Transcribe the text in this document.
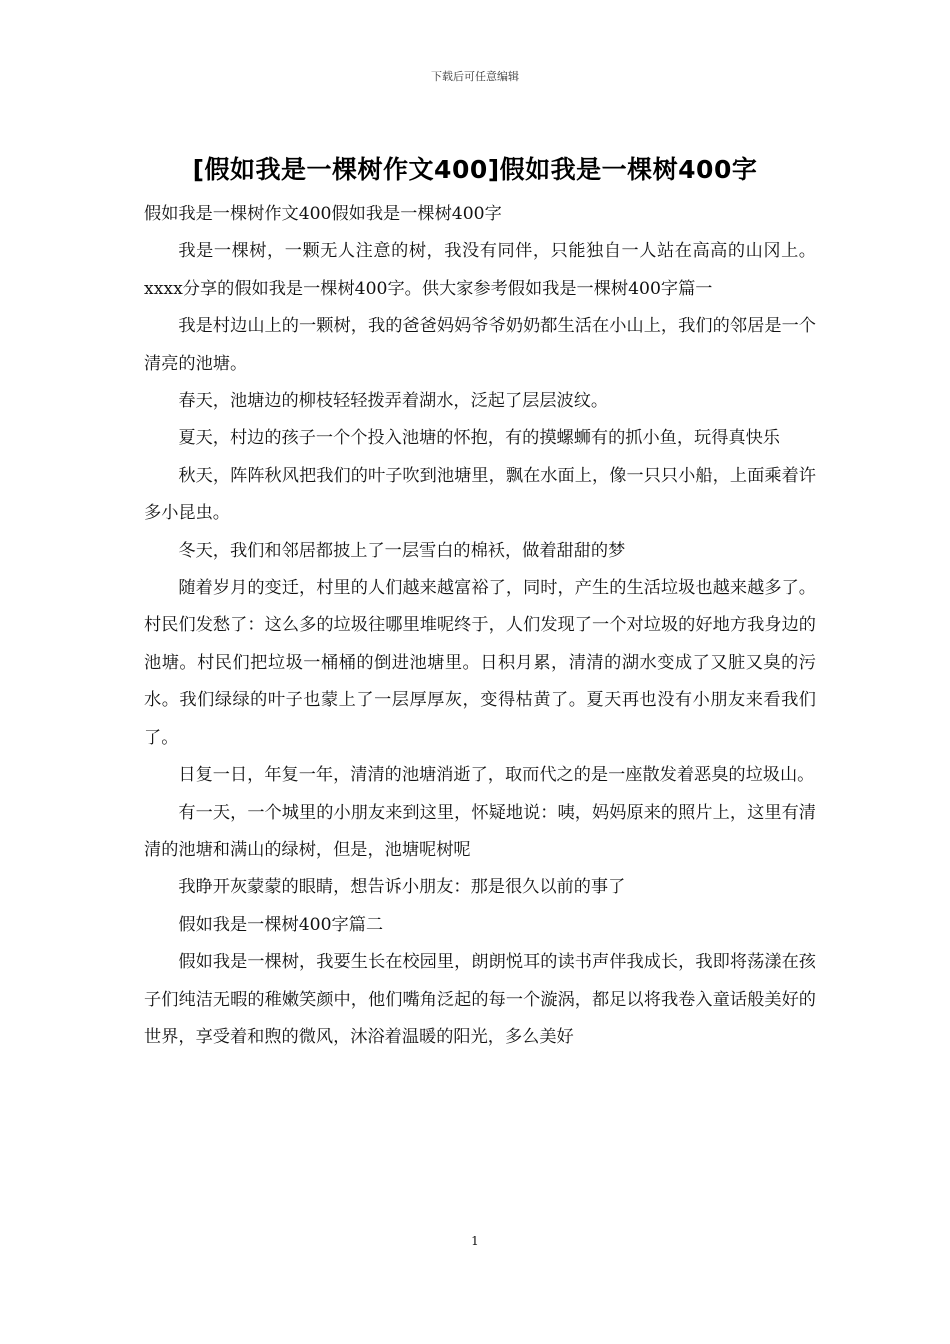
下载后可任意编辑
[假如我是一棵树作文400]假如我是一棵树400字

假如我是一棵树作文400假如我是一棵树400字

我是一棵树，一颗无人注意的树，我没有同伴，只能独自一人站在高高的山冈上。xxxx分享的假如我是一棵树400字。供大家参考假如我是一棵树400字篇一

我是村边山上的一颗树，我的爸爸妈妈爷爷奶奶都生活在小山上，我们的邻居是一个清亮的池塘。

春天，池塘边的柳枝轻轻拨弄着湖水，泛起了层层波纹。

夏天，村边的孩子一个个投入池塘的怀抱，有的摸螺蛳有的抓小鱼，玩得真快乐

秋天，阵阵秋风把我们的叶子吹到池塘里，飘在水面上，像一只只小船，上面乘着许多小昆虫。

冬天，我们和邻居都披上了一层雪白的棉袄，做着甜甜的梦

随着岁月的变迁，村里的人们越来越富裕了，同时，产生的生活垃圾也越来越多了。村民们发愁了：这么多的垃圾往哪里堆呢终于，人们发现了一个对垃圾的好地方我身边的池塘。村民们把垃圾一桶桶的倒进池塘里。日积月累，清清的湖水变成了又脏又臭的污水。我们绿绿的叶子也蒙上了一层厚厚灰，变得枯黄了。夏天再也没有小朋友来看我们了。

日复一日，年复一年，清清的池塘消逝了，取而代之的是一座散发着恶臭的垃圾山。

有一天，一个城里的小朋友来到这里，怀疑地说：咦，妈妈原来的照片上，这里有清清的池塘和满山的绿树，但是，池塘呢树呢

我睁开灰蒙蒙的眼睛，想告诉小朋友：那是很久以前的事了

假如我是一棵树400字篇二

假如我是一棵树，我要生长在校园里，朗朗悦耳的读书声伴我成长，我即将荡漾在孩子们纯洁无暇的稚嫩笑颜中，他们嘴角泛起的每一个漩涡，都足以将我卷入童话般美好的世界，享受着和煦的微风，沐浴着温暖的阳光，多么美好

1
